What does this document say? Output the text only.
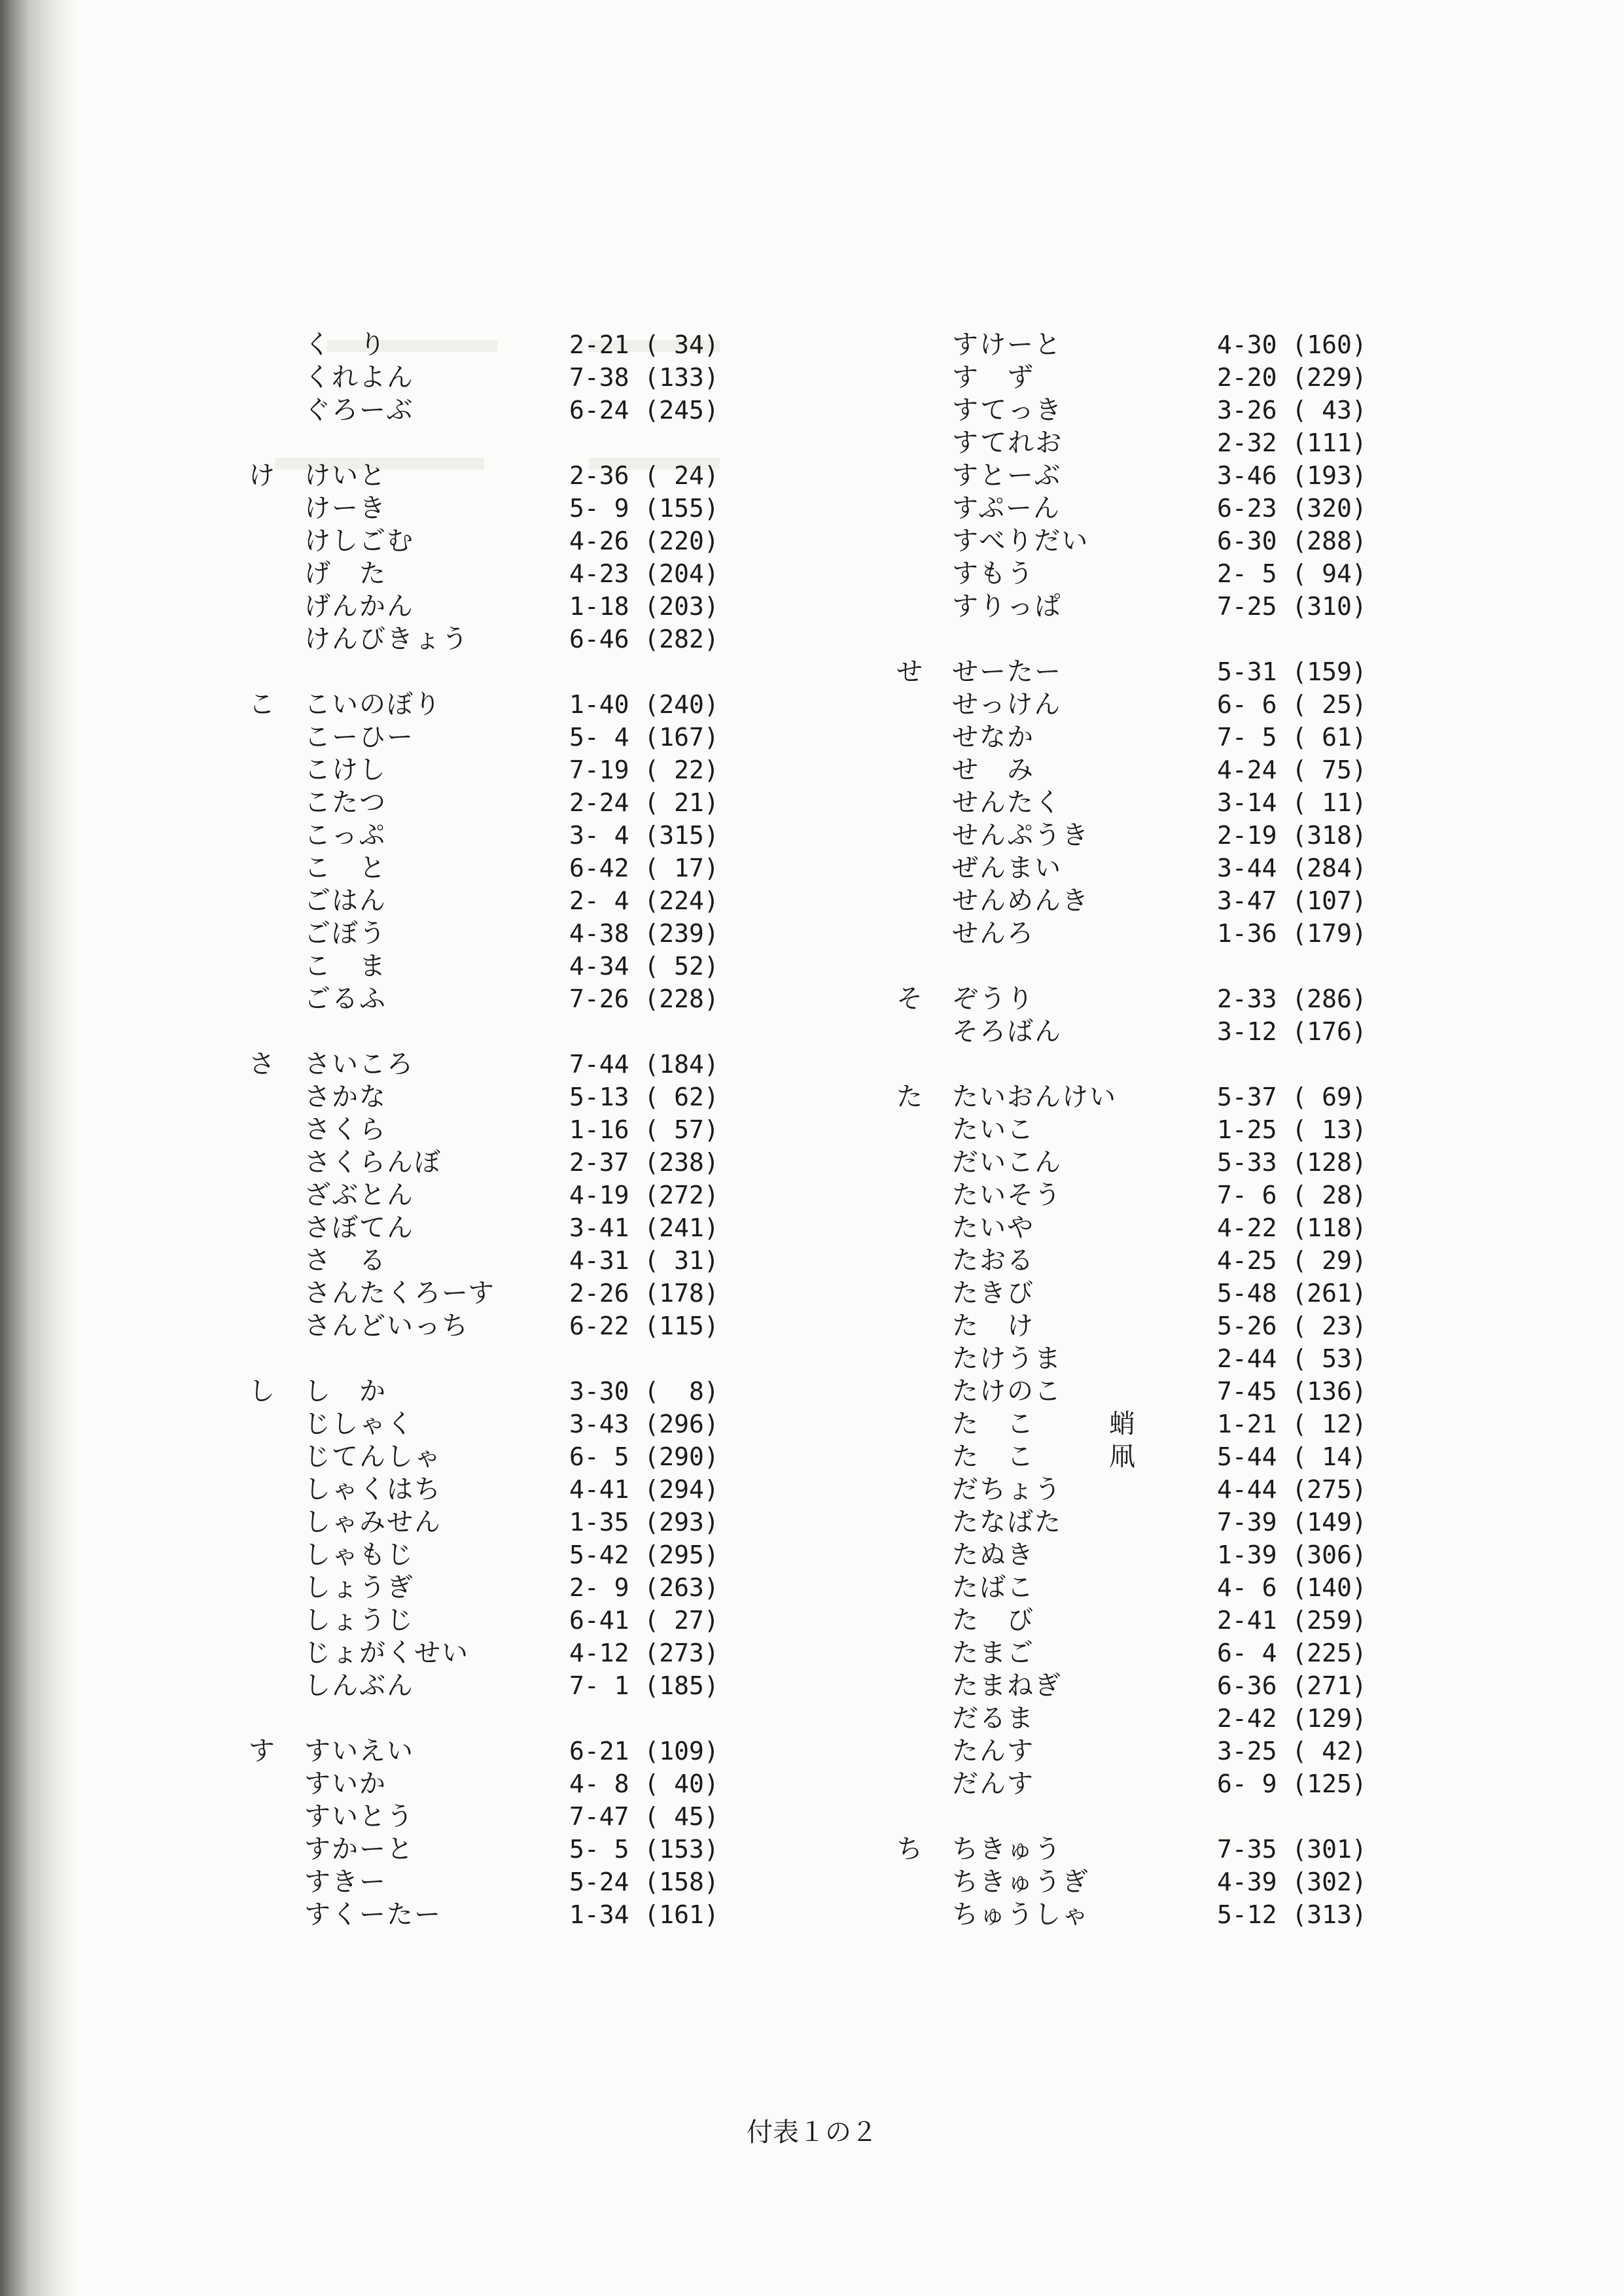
く　り	2-21 ( 34)
くれよん	7-38 (133)
ぐろーぶ	6-24 (245)
け	けいと	2-36 ( 24)
けーき	5- 9 (155)
けしごむ	4-26 (220)
げ　た	4-23 (204)
げんかん	1-18 (203)
けんびきょう	6-46 (282)
こ	こいのぼり	1-40 (240)
こーひー	5- 4 (167)
こけし	7-19 ( 22)
こたつ	2-24 ( 21)
こっぷ	3- 4 (315)
こ　と	6-42 ( 17)
ごはん	2- 4 (224)
ごぼう	4-38 (239)
こ　ま	4-34 ( 52)
ごるふ	7-26 (228)
さ	さいころ	7-44 (184)
さかな	5-13 ( 62)
さくら	1-16 ( 57)
さくらんぼ	2-37 (238)
ざぶとん	4-19 (272)
さぼてん	3-41 (241)
さ　る	4-31 ( 31)
さんたくろーす	2-26 (178)
さんどいっち	6-22 (115)
し	し　か	3-30 (  8)
じしゃく	3-43 (296)
じてんしゃ	6- 5 (290)
しゃくはち	4-41 (294)
しゃみせん	1-35 (293)
しゃもじ	5-42 (295)
しょうぎ	2- 9 (263)
しょうじ	6-41 ( 27)
じょがくせい	4-12 (273)
しんぶん	7- 1 (185)
す	すいえい	6-21 (109)
すいか	4- 8 ( 40)
すいとう	7-47 ( 45)
すかーと	5- 5 (153)
すきー	5-24 (158)
すくーたー	1-34 (161)
すけーと	4-30 (160)
す　ず	2-20 (229)
すてっき	3-26 ( 43)
すてれお	2-32 (111)
すとーぶ	3-46 (193)
すぷーん	6-23 (320)
すべりだい	6-30 (288)
すもう	2- 5 ( 94)
すりっぱ	7-25 (310)
せ	せーたー	5-31 (159)
せっけん	6- 6 ( 25)
せなか	7- 5 ( 61)
せ　み	4-24 ( 75)
せんたく	3-14 ( 11)
せんぷうき	2-19 (318)
ぜんまい	3-44 (284)
せんめんき	3-47 (107)
せんろ	1-36 (179)
そ	ぞうり	2-33 (286)
そろばん	3-12 (176)
た	たいおんけい	5-37 ( 69)
たいこ	1-25 ( 13)
だいこん	5-33 (128)
たいそう	7- 6 ( 28)
たいや	4-22 (118)
たおる	4-25 ( 29)
たきび	5-48 (261)
た　け	5-26 ( 23)
たけうま	2-44 ( 53)
たけのこ	7-45 (136)
た　こ	蛸	1-21 ( 12)
た　こ	凧	5-44 ( 14)
だちょう	4-44 (275)
たなばた	7-39 (149)
たぬき	1-39 (306)
たばこ	4- 6 (140)
た　び	2-41 (259)
たまご	6- 4 (225)
たまねぎ	6-36 (271)
だるま	2-42 (129)
たんす	3-25 ( 42)
だんす	6- 9 (125)
ち	ちきゅう	7-35 (301)
ちきゅうぎ	4-39 (302)
ちゅうしゃ	5-12 (313)
付表１の２
